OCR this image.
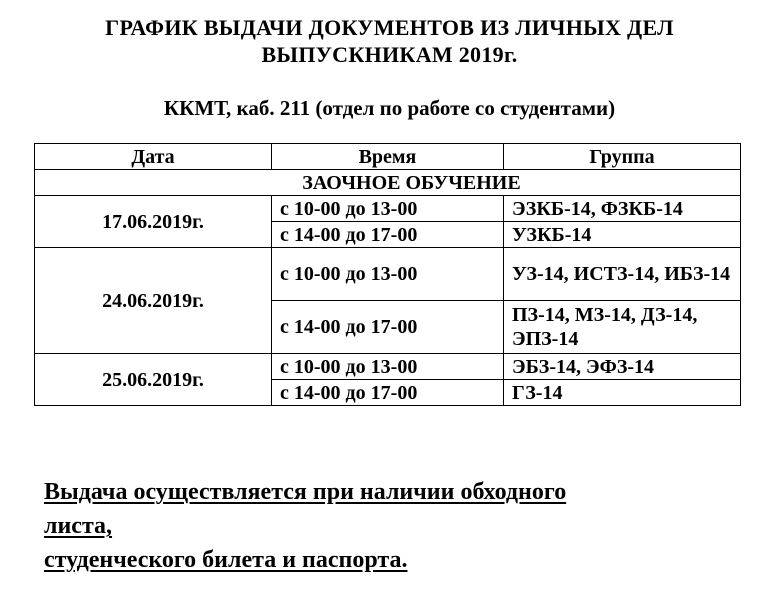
ГРАФИК ВЫДАЧИ ДОКУМЕНТОВ ИЗ ЛИЧНЫХ ДЕЛ
ВЫПУСКНИКАМ 2019г.
ККМТ, каб. 211 (отдел по работе со студентами)
Дата	Время	Группа
ЗАОЧНОЕ ОБУЧЕНИЕ		
17.06.2019г.	с 10-00 до 13-00	ЭЗКБ-14, ФЗКБ-14
	с 14-00 до 17-00	УЗКБ-14
24.06.2019г.	с 10-00 до 13-00	УЗ-14, ИСТЗ-14, ИБЗ-14
	с 14-00 до 17-00	ПЗ-14, МЗ-14, ДЗ-14, ЭПЗ-14
25.06.2019г.	с 10-00 до 13-00	ЭБЗ-14, ЭФЗ-14
	с 14-00 до 17-00	ГЗ-14
Выдача осуществляется при наличии обходного
листа,
студенческого билета и паспорта.
